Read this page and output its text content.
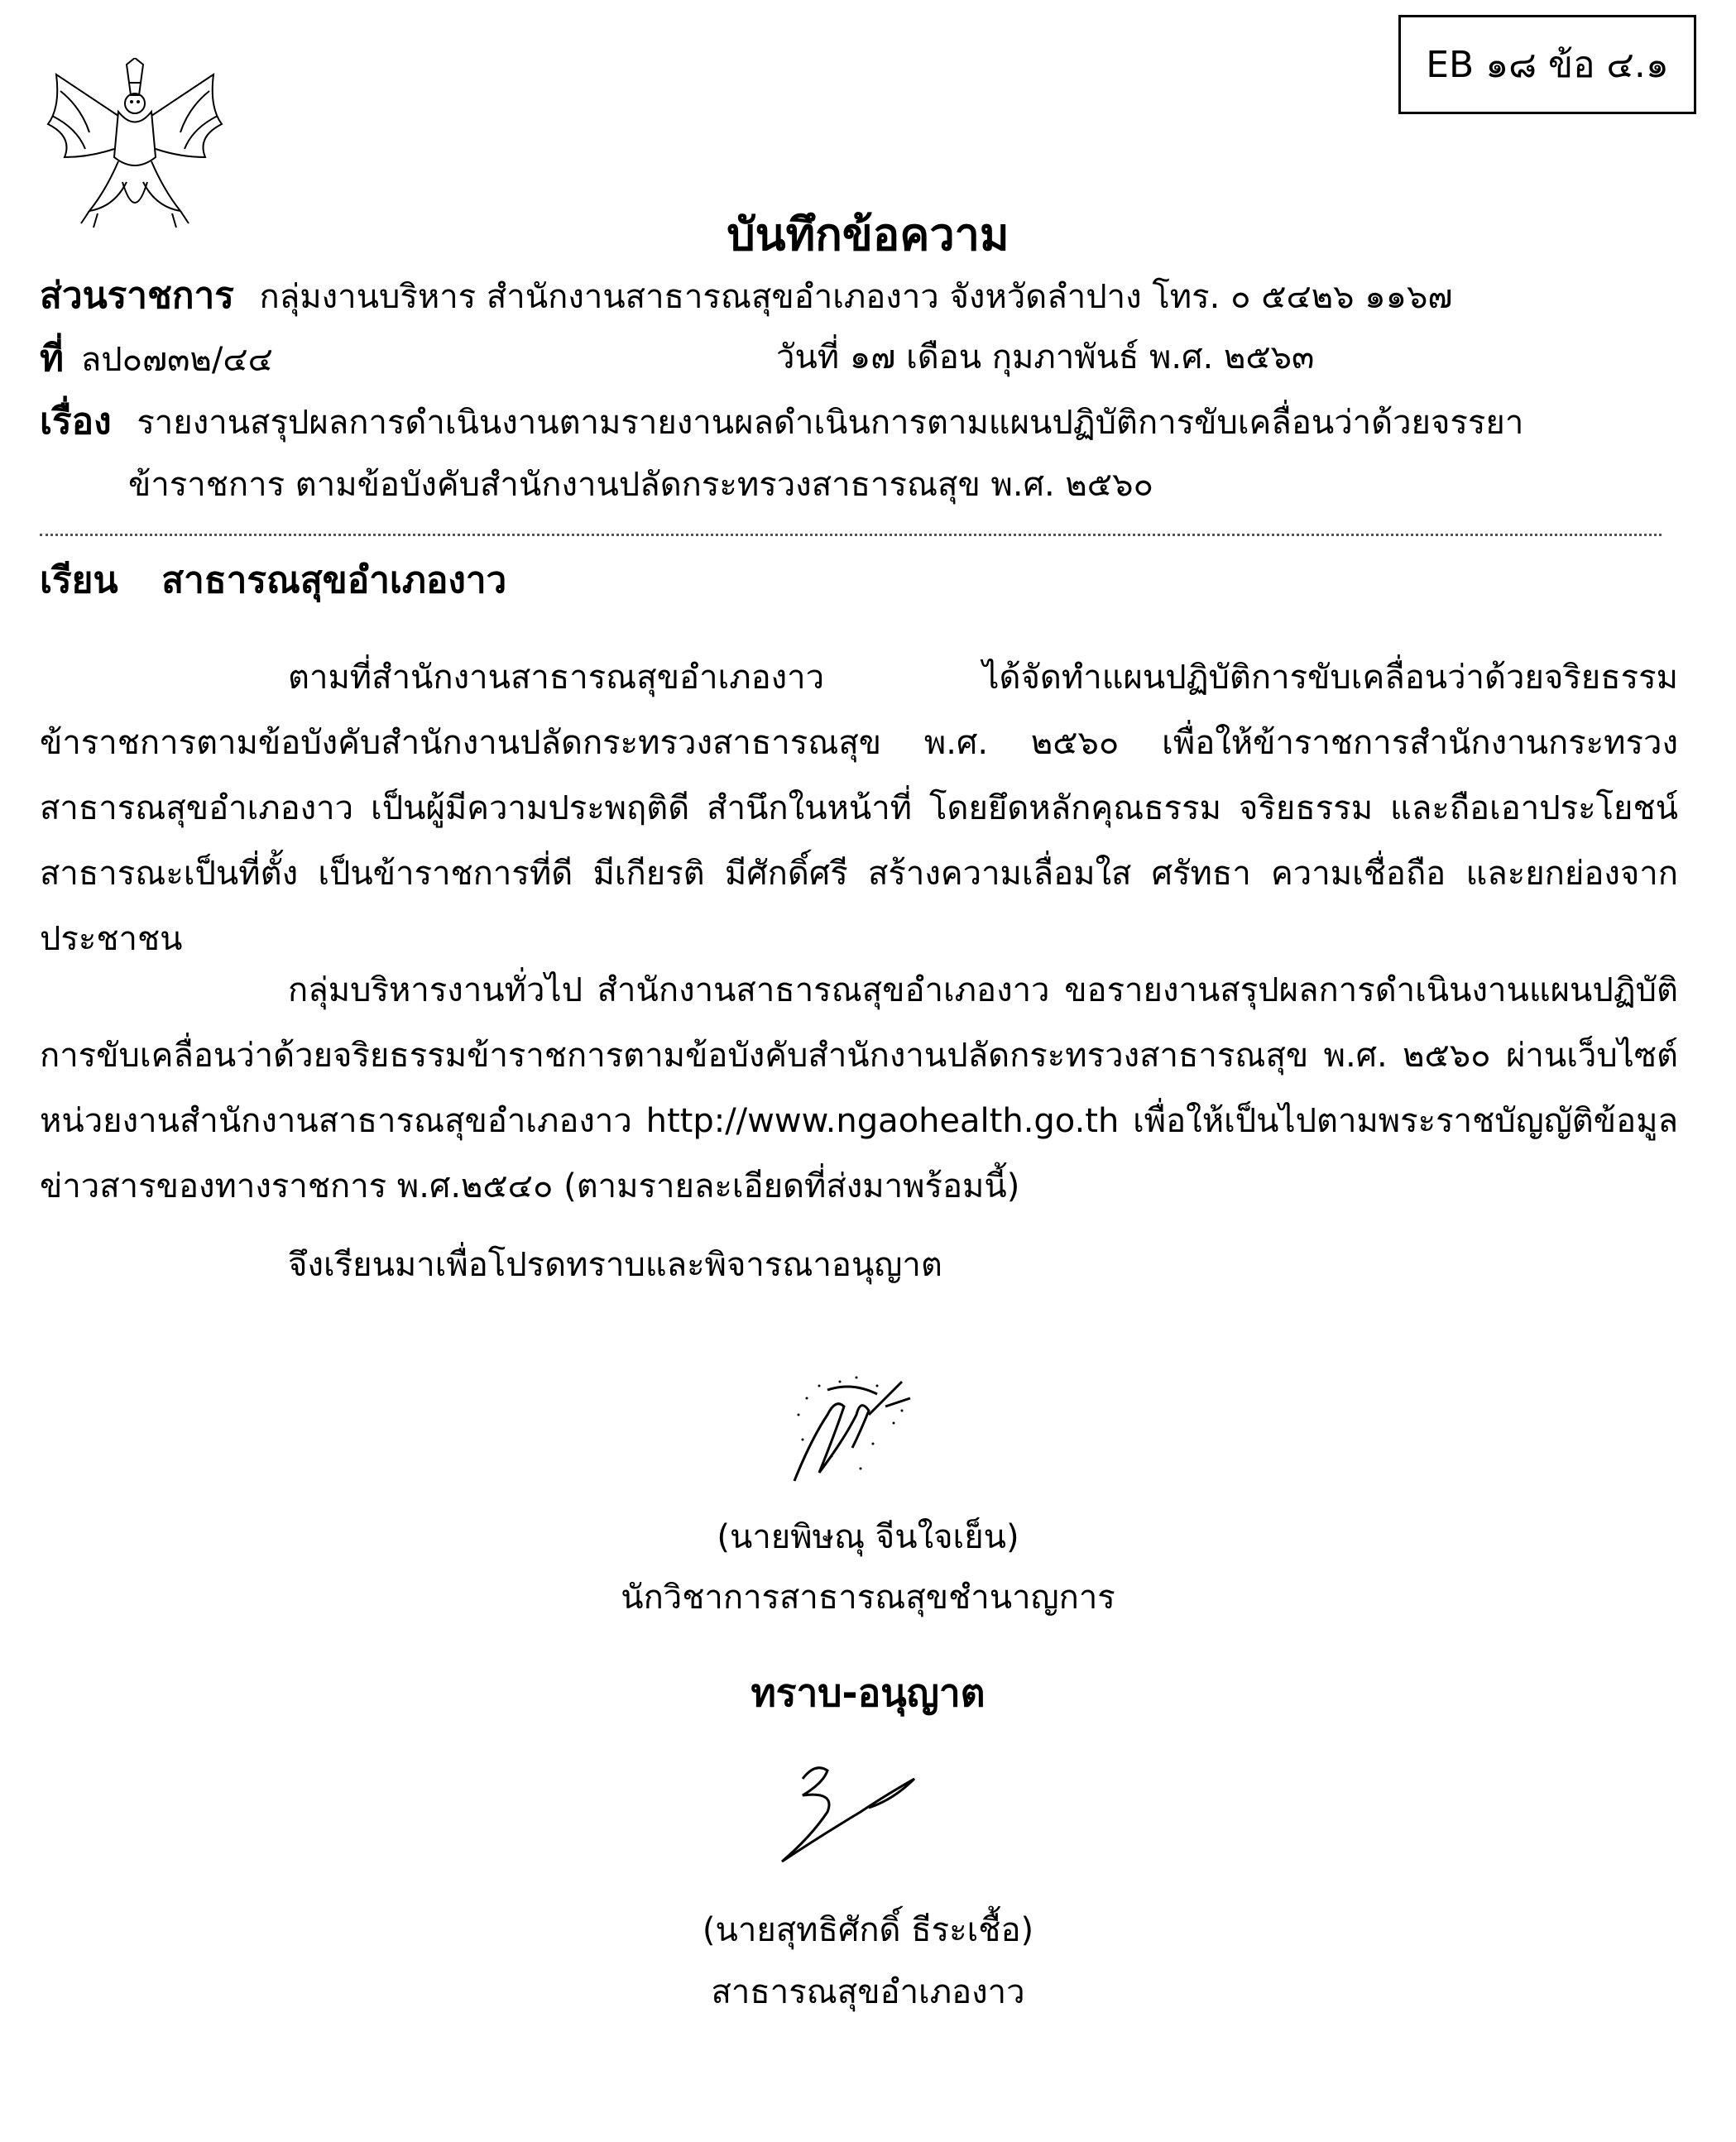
EB ๑๘ ข้อ ๔.๑
บันทึกข้อความ
ส่วนราชการ กลุ่มงานบริหาร สำนักงานสาธารณสุขอำเภองาว จังหวัดลำปาง โทร. ๐ ๕๔๒๖ ๑๑๖๗
ที่ ลป๐๗๓๒/๔๔	วันที่ ๑๗ เดือน กุมภาพันธ์ พ.ศ. ๒๕๖๓
เรื่อง รายงานสรุปผลการดำเนินงานตามรายงานผลดำเนินการตามแผนปฏิบัติการขับเคลื่อนว่าด้วยจรรยา
ข้าราชการ ตามข้อบังคับสำนักงานปลัดกระทรวงสาธารณสุข พ.ศ. ๒๕๖๐
เรียน สาธารณสุขอำเภองาว
ตามที่สำนักงานสาธารณสุขอำเภองาว ได้จัดทำแผนปฏิบัติการขับเคลื่อนว่าด้วยจริยธรรมข้าราชการตามข้อบังคับสำนักงานปลัดกระทรวงสาธารณสุข พ.ศ. ๒๕๖๐ เพื่อให้ข้าราชการสำนักงานกระทรวงสาธารณสุขอำเภองาว เป็นผู้มีความประพฤติดี สำนึกในหน้าที่ โดยยึดหลักคุณธรรม จริยธรรม และถือเอาประโยชน์สาธารณะเป็นที่ตั้ง เป็นข้าราชการที่ดี มีเกียรติ มีศักดิ์ศรี สร้างความเลื่อมใส ศรัทธา ความเชื่อถือ และยกย่องจากประชาชน
กลุ่มบริหารงานทั่วไป สำนักงานสาธารณสุขอำเภองาว ขอรายงานสรุปผลการดำเนินงานแผนปฏิบัติการขับเคลื่อนว่าด้วยจริยธรรมข้าราชการตามข้อบังคับสำนักงานปลัดกระทรวงสาธารณสุข พ.ศ. ๒๕๖๐ ผ่านเว็บไซต์หน่วยงานสำนักงานสาธารณสุขอำเภองาว http://www.ngaohealth.go.th เพื่อให้เป็นไปตามพระราชบัญญัติข้อมูลข่าวสารของทางราชการ พ.ศ.๒๕๔๐ (ตามรายละเอียดที่ส่งมาพร้อมนี้)
จึงเรียนมาเพื่อโปรดทราบและพิจารณาอนุญาต
(นายพิษณุ จีนใจเย็น)
นักวิชาการสาธารณสุขชำนาญการ
ทราบ-อนุญาต
(นายสุทธิศักดิ์ ธีระเชื้อ)
สาธารณสุขอำเภองาว
